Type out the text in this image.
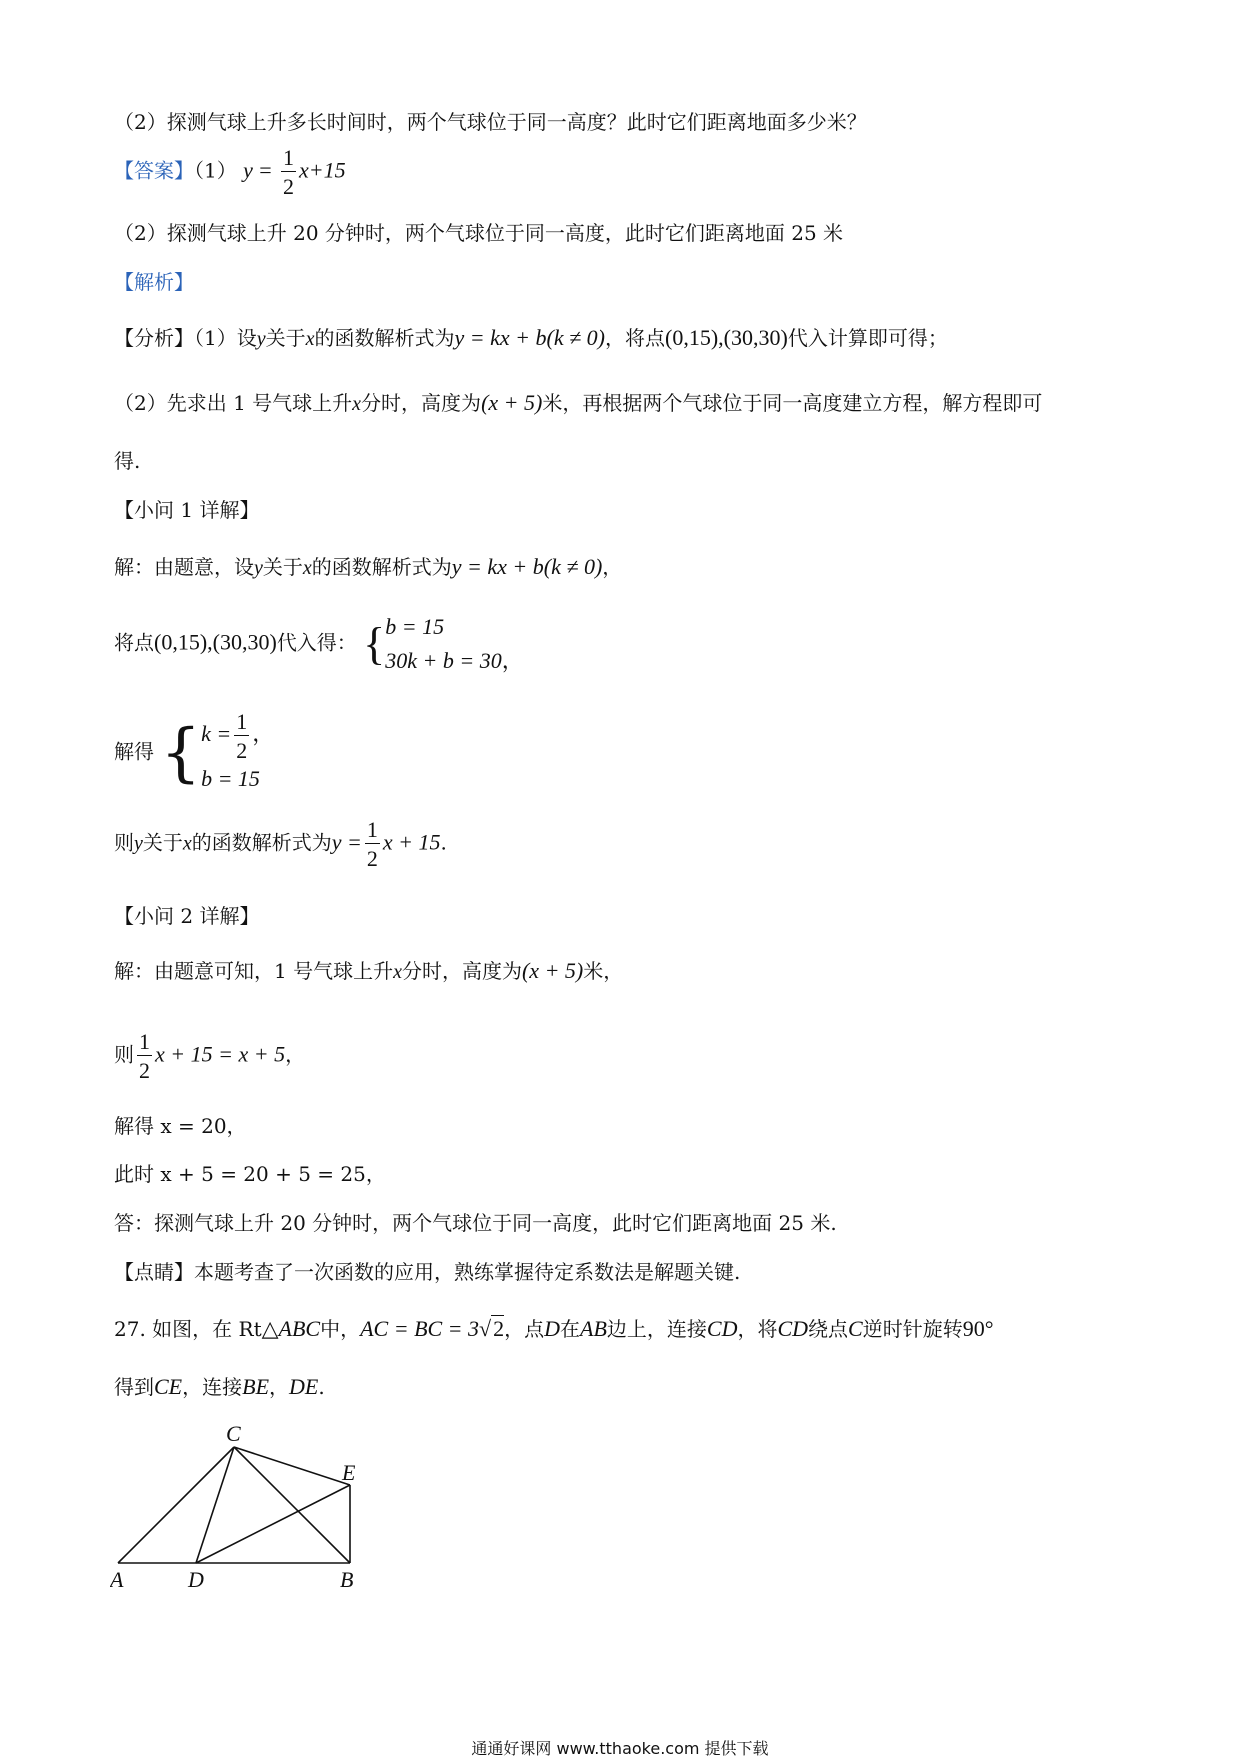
（2）探测气球上升多长时间时，两个气球位于同一高度？此时它们距离地面多少米？
【答案】（1） $y = \frac{1}{2} x+15$
（2）探测气球上升 20 分钟时，两个气球位于同一高度，此时它们距离地面 25 米
【解析】
【分析】（1）设y关于x的函数解析式为y = kx + b(k ≠ 0)，将点(0,15),(30,30)代入计算即可得；
（2）先求出 1 号气球上升x分时，高度为(x + 5)米，再根据两个气球位于同一高度建立方程，解方程即可
得.
【小问 1 详解】
解：由题意，设y关于x的函数解析式为y = kx + b(k ≠ 0)，
将点(0,15),(30,30)代入得： { b = 15
30k + b = 30，
解得 { $k = \frac{1}{2}$ ，
b = 15
则y关于x的函数解析式为$y = \frac{1}{2}$ x + 15.
【小问 2 详解】
解：由题意可知，1 号气球上升x分时，高度为(x + 5)米，
则 $\frac{1}{2}$ x + 15 = x + 5，
解得 x = 20，
此时 x + 5 = 20 + 5 = 25，
答：探测气球上升 20 分钟时，两个气球位于同一高度，此时它们距离地面 25 米.
【点睛】本题考查了一次函数的应用，熟练掌握待定系数法是解题关键.
27. 如图，在 Rt△ABC中，AC = BC = 3√2，点D在AB边上，连接CD，将CD绕点C逆时针旋转90°
得到CE，连接BE，DE.
C
E
A	D	B
通通好课网 www.tthaoke.com 提供下载
